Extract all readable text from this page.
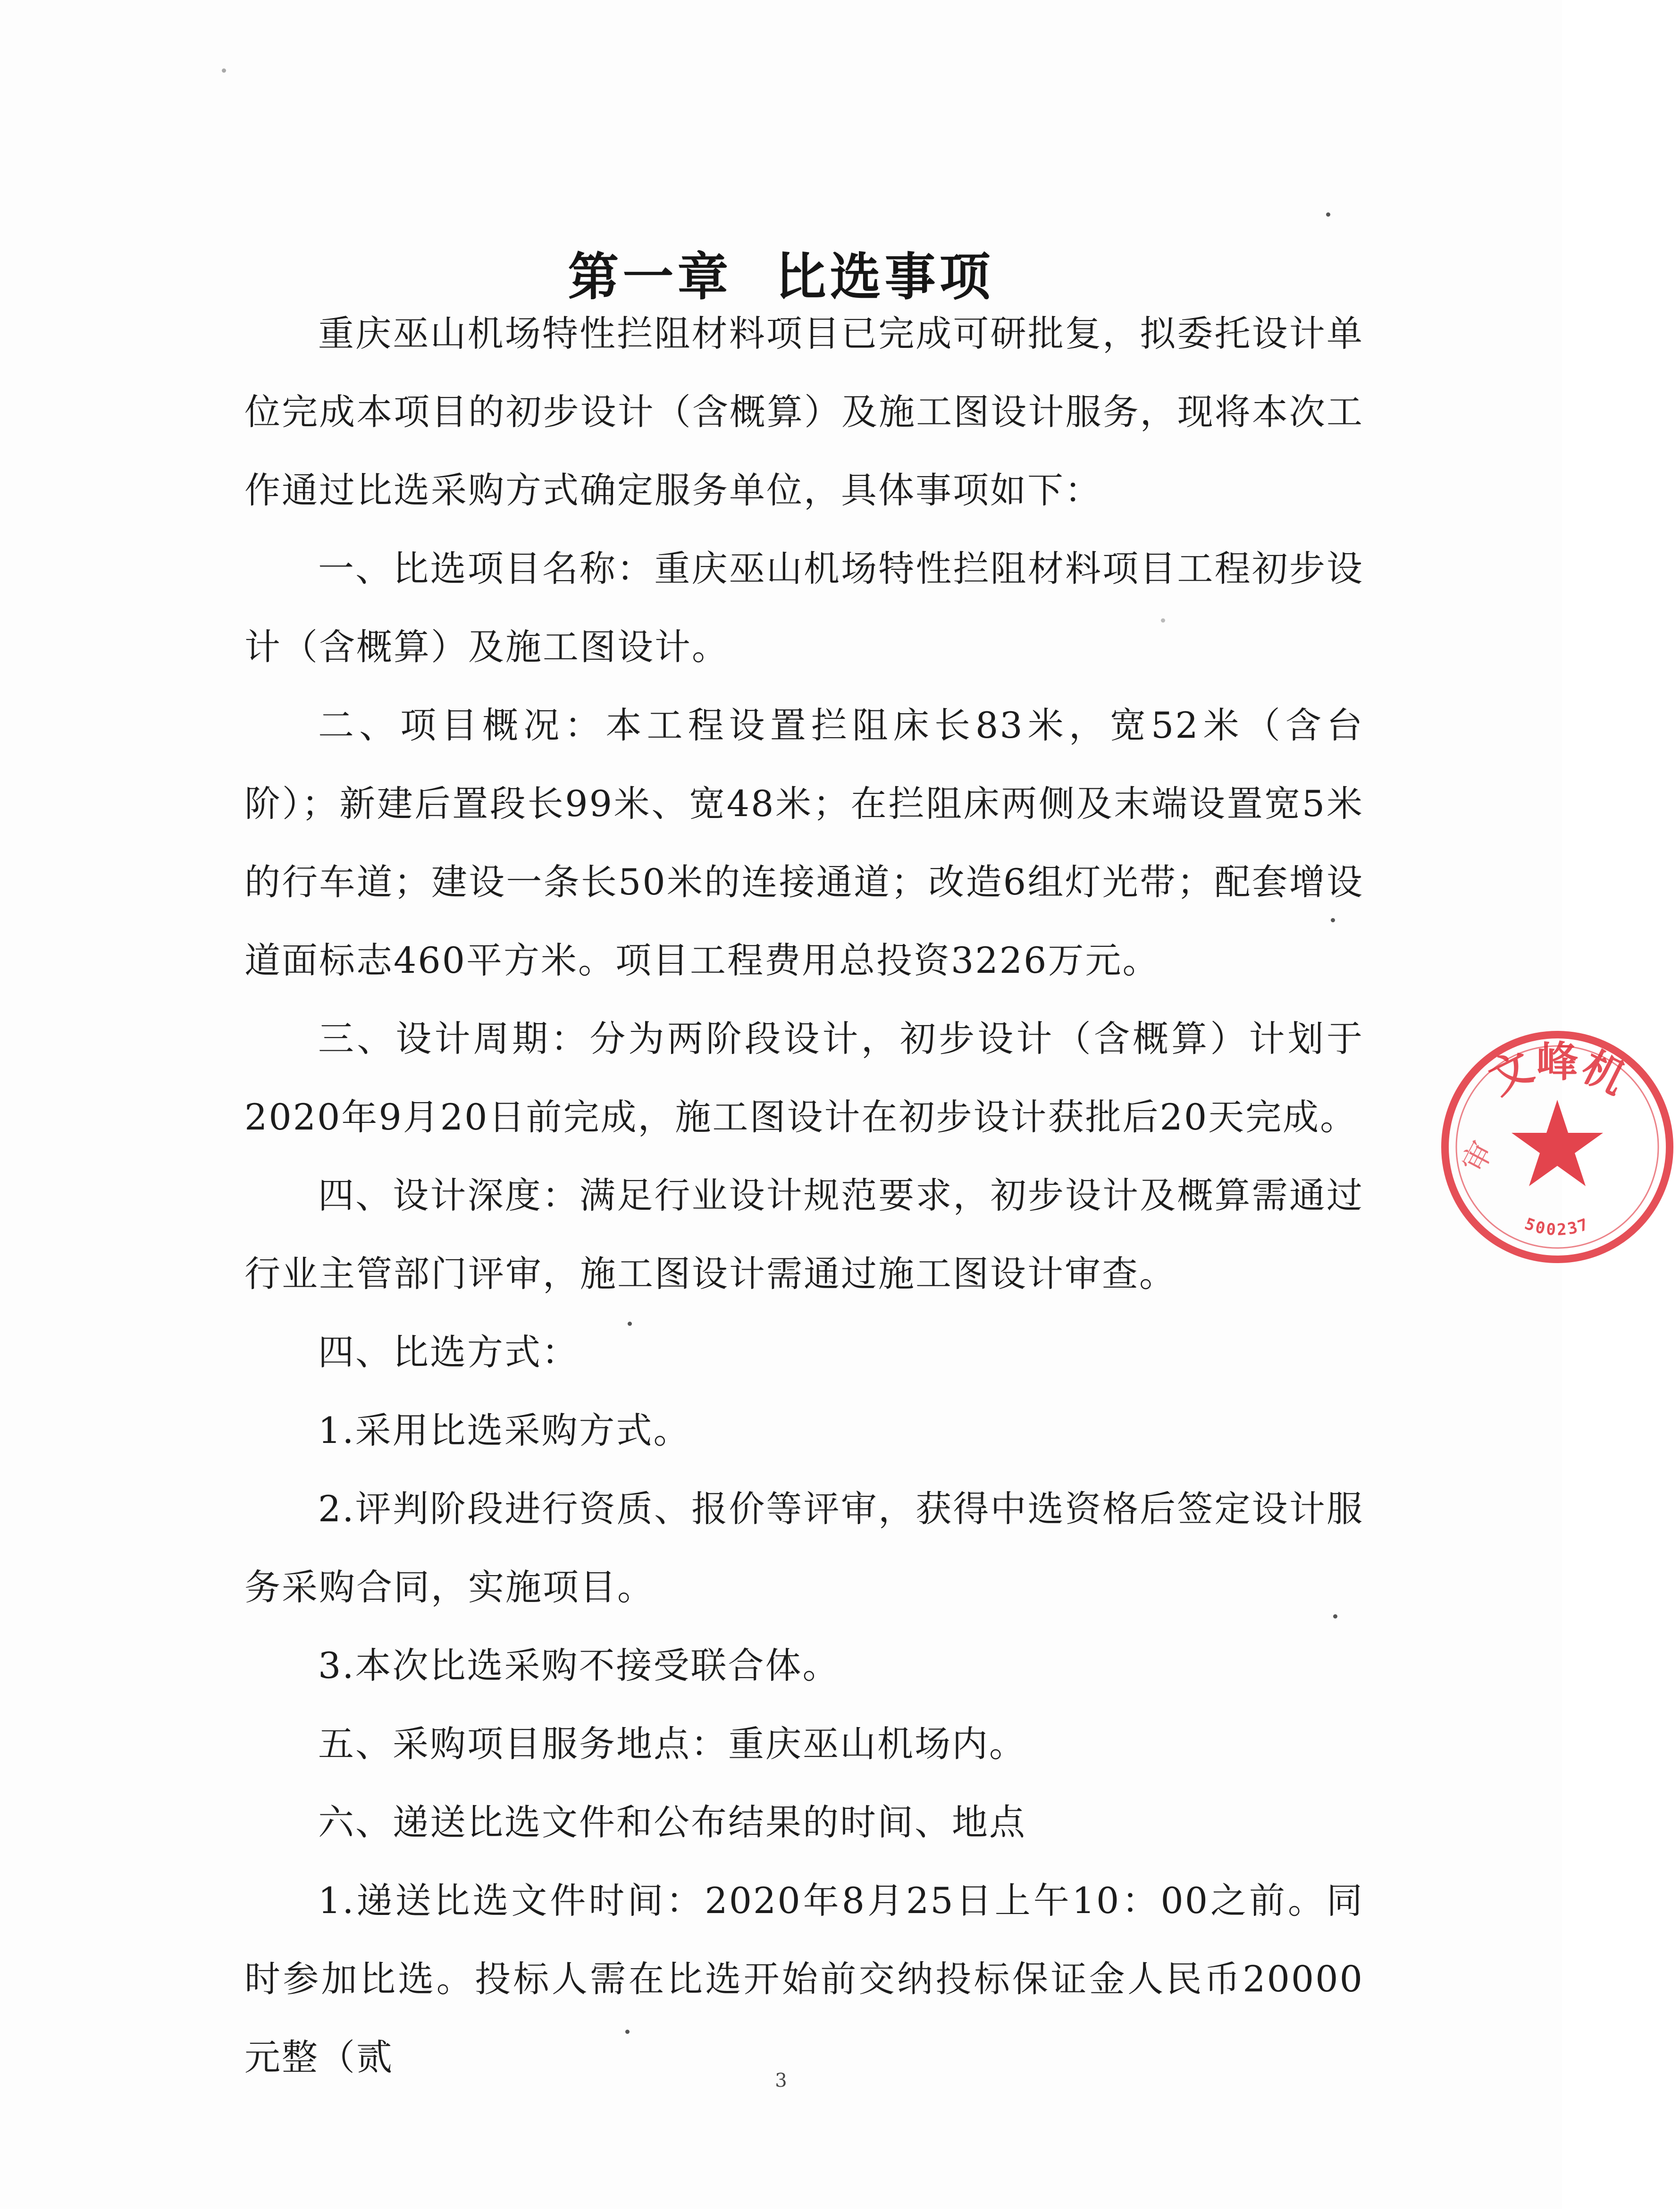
第一章  比选事项

重庆巫山机场特性拦阻材料项目已完成可研批复，拟委托设计单位完成本项目的初步设计（含概算）及施工图设计服务，现将本次工作通过比选采购方式确定服务单位，具体事项如下：

一、比选项目名称：重庆巫山机场特性拦阻材料项目工程初步设计（含概算）及施工图设计。

二、项目概况：本工程设置拦阻床长83米，宽52米（含台阶）；新建后置段长99米、宽48米；在拦阻床两侧及末端设置宽5米的行车道；建设一条长50米的连接通道；改造6组灯光带；配套增设道面标志460平方米。项目工程费用总投资3226万元。

三、设计周期：分为两阶段设计，初步设计（含概算）计划于2020年9月20日前完成，施工图设计在初步设计获批后20天完成。

四、设计深度：满足行业设计规范要求，初步设计及概算需通过行业主管部门评审，施工图设计需通过施工图设计审查。

四、比选方式：

1.采用比选采购方式。

2.评判阶段进行资质、报价等评审，获得中选资格后签定设计服务采购合同，实施项目。

3.本次比选采购不接受联合体。

五、采购项目服务地点：重庆巫山机场内。

六、递送比选文件和公布结果的时间、地点

1.递送比选文件时间：2020年8月25日上午10：00之前。同时参加比选。投标人需在比选开始前交纳投标保证金人民币20000元整（贰

3
文峰机
审
500237
